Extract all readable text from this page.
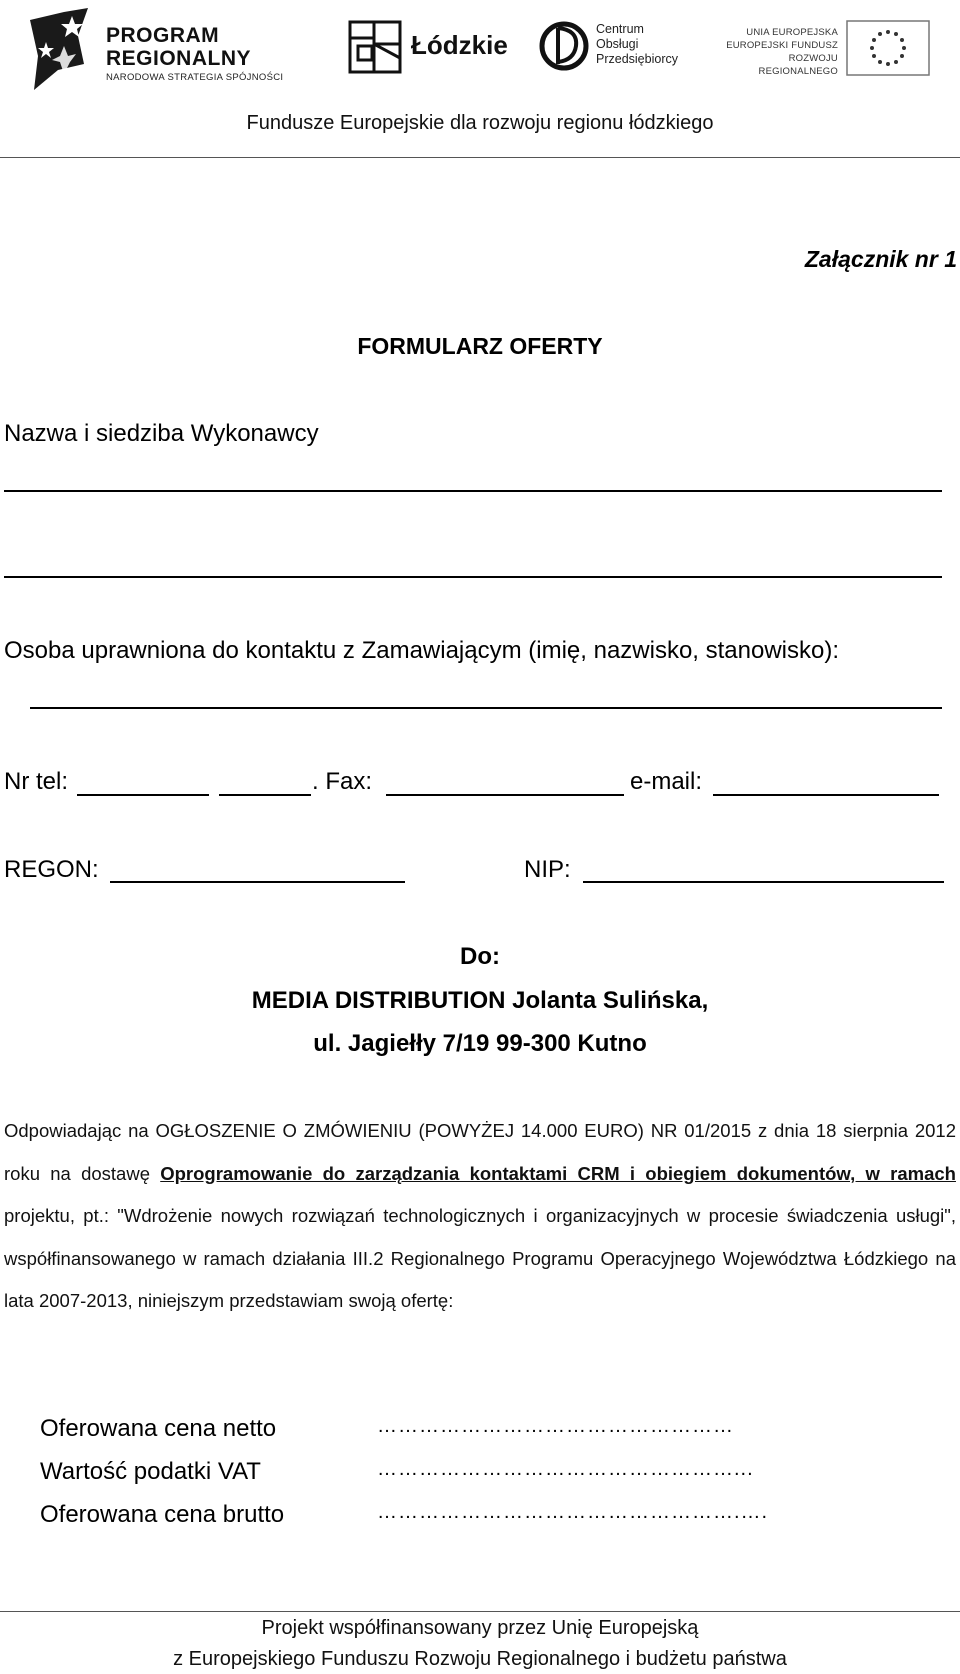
PROGRAM
REGIONALNY
NARODOWA STRATEGIA SPÓJNOŚCI
Łódzkie
Centrum
Obsługi
Przedsiębiorcy
UNIA EUROPEJSKA
EUROPEJSKI FUNDUSZ
ROZWOJU REGIONALNEGO
Fundusze Europejskie dla rozwoju regionu łódzkiego
Załącznik nr 1
FORMULARZ OFERTY
Nazwa i siedziba Wykonawcy
Osoba uprawniona do kontaktu z Zamawiającym (imię, nazwisko, stanowisko):
Nr tel:	. Fax:	e-mail:
REGON:	NIP:
Do:
MEDIA DISTRIBUTION Jolanta Sulińska,
ul. Jagiełły 7/19 99-300 Kutno
Odpowiadając na OGŁOSZENIE O ZMÓWIENIU (POWYŻEJ 14.000 EURO) NR 01/2015 z dnia 18 sierpnia 2012 roku na dostawę Oprogramowanie do zarządzania kontaktami CRM i obiegiem dokumentów, w ramach projektu, pt.: "Wdrożenie nowych rozwiązań technologicznych i organizacyjnych w procesie świadczenia usługi", współfinansowanego w ramach działania III.2 Regionalnego Programu Operacyjnego Województwa Łódzkiego na lata 2007-2013, niniejszym przedstawiam swoją ofertę:
Oferowana cena netto	……………………………………………
Wartość podatki VAT	……………………………………………...
Oferowana cena brutto	…………………………………………….….
Projekt współfinansowany przez Unię Europejską
z Europejskiego Funduszu Rozwoju Regionalnego i budżetu państwa
